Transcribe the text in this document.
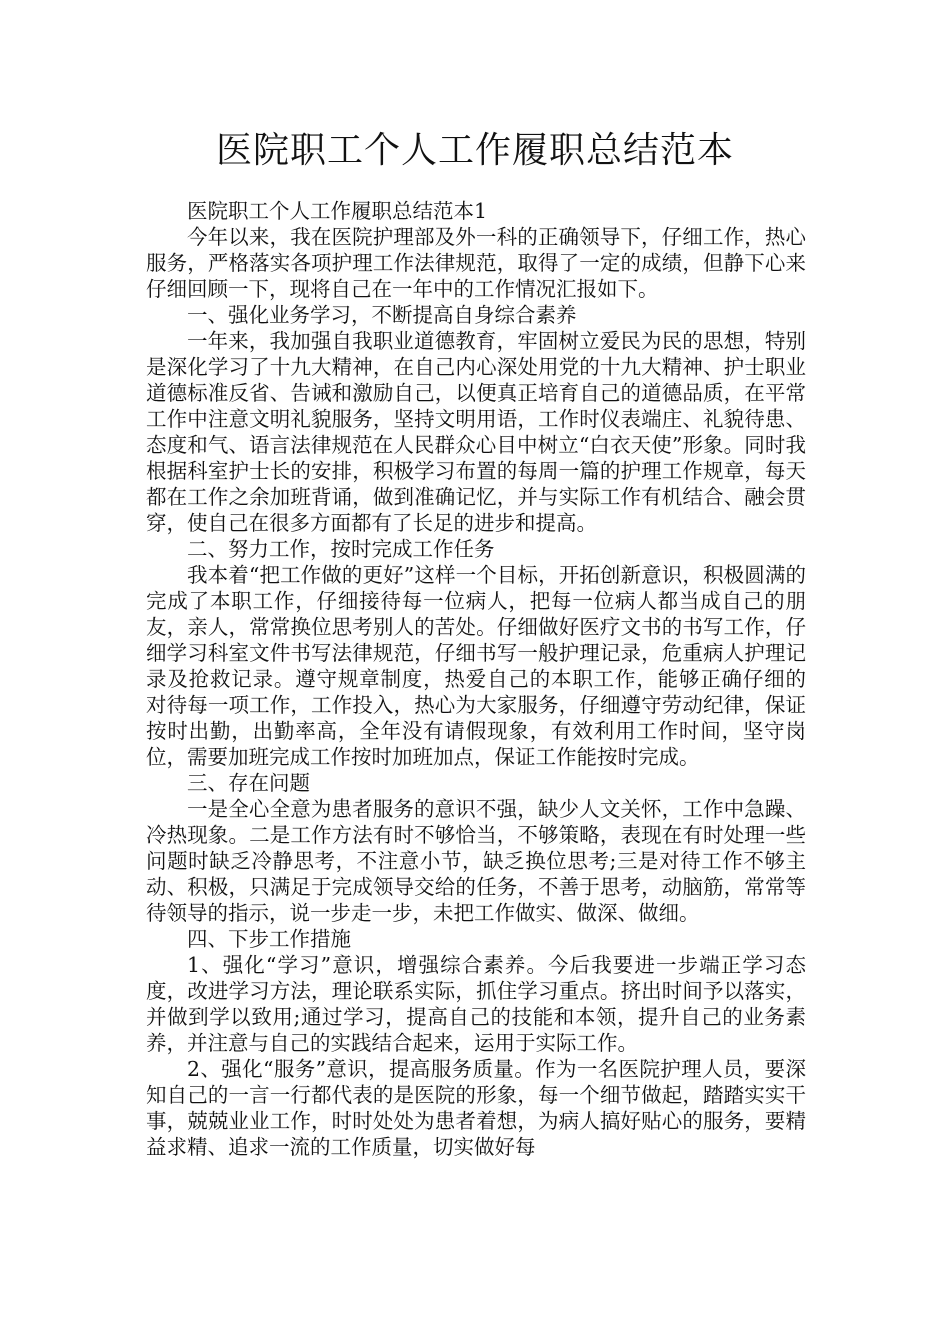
医院职工个人工作履职总结范本

医院职工个人工作履职总结范本1

今年以来，我在医院护理部及外一科的正确领导下，仔细工作，热心服务，严格落实各项护理工作法律规范，取得了一定的成绩，但静下心来仔细回顾一下，现将自己在一年中的工作情况汇报如下。

一、强化业务学习，不断提高自身综合素养

一年来，我加强自我职业道德教育，牢固树立爱民为民的思想，特别是深化学习了十九大精神，在自己内心深处用党的十九大精神、护士职业道德标准反省、告诫和激励自己，以便真正培育自己的道德品质，在平常工作中注意文明礼貌服务，坚持文明用语，工作时仪表端庄、礼貌待患、态度和气、语言法律规范在人民群众心目中树立“白衣天使”形象。同时我根据科室护士长的安排，积极学习布置的每周一篇的护理工作规章，每天都在工作之余加班背诵，做到准确记忆，并与实际工作有机结合、融会贯穿，使自己在很多方面都有了长足的进步和提高。

二、努力工作，按时完成工作任务

我本着“把工作做的更好”这样一个目标，开拓创新意识，积极圆满的完成了本职工作，仔细接待每一位病人，把每一位病人都当成自己的朋友，亲人，常常换位思考别人的苦处。仔细做好医疗文书的书写工作，仔细学习科室文件书写法律规范，仔细书写一般护理记录，危重病人护理记录及抢救记录。遵守规章制度，热爱自己的本职工作，能够正确仔细的 对待每一项工作，工作投入，热心为大家服务，仔细遵守劳动纪律，保证按时出勤，出勤率高，全年没有请假现象，有效利用工作时间，坚守岗位，需要加班完成工作按时加班加点，保证工作能按时完成。

三、存在问题

一是全心全意为患者服务的意识不强，缺少人文关怀，工作中急躁、冷热现象。二是工作方法有时不够恰当，不够策略，表现在有时处理一些问题时缺乏冷静思考，不注意小节，缺乏换位思考;三是对待工作不够主动、积极，只满足于完成领导交给的任务，不善于思考，动脑筋，常常等待领导的指示，说一步走一步，未把工作做实、做深、做细。

四、下步工作措施

1、强化“学习”意识，增强综合素养。今后我要进一步端正学习态度，改进学习方法，理论联系实际，抓住学习重点。挤出时间予以落实，并做到学以致用;通过学习，提高自己的技能和本领，提升自己的业务素养，并注意与自己的实践结合起来，运用于实际工作。

2、强化“服务”意识，提高服务质量。作为一名医院护理人员，要深知自己的一言一行都代表的是医院的形象，每一个细节做起，踏踏实实干事，兢兢业业工作，时时处处为患者着想，为病人搞好贴心的服务，要精益求精、追求一流的工作质量，切实做好每
